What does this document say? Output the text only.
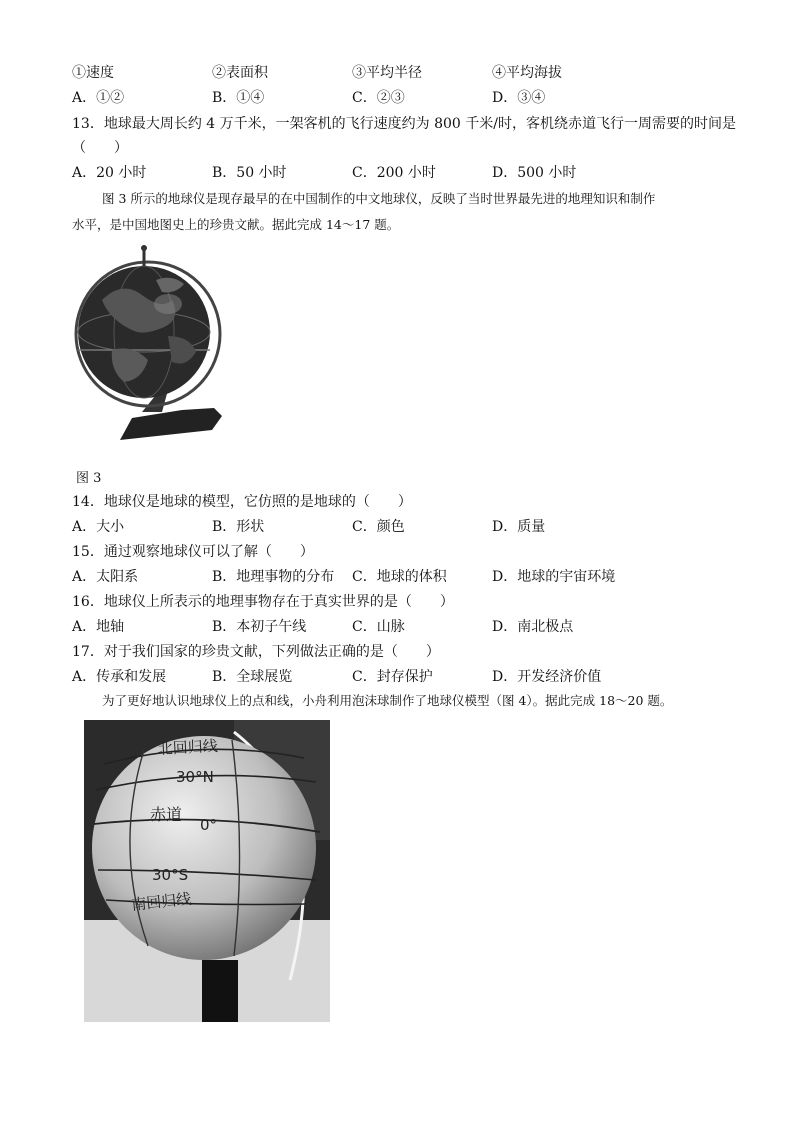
①速度	②表面积	③平均半径	④平均海拔
A．①②	B．①④	C．②③	D．③④
13．地球最大周长约 4 万千米，一架客机的飞行速度约为 800 千米/时，客机绕赤道飞行一周需要的时间是
（　　）
A．20 小时	B．50 小时	C．200 小时	D．500 小时
图 3 所示的地球仪是现存最早的在中国制作的中文地球仪，反映了当时世界最先进的地理知识和制作
水平，是中国地图史上的珍贵文献。据此完成 14～17 题。
图 3
14．地球仪是地球的模型，它仿照的是地球的（　　）
A．大小	B．形状	C．颜色	D．质量
15．通过观察地球仪可以了解（　　）
A．太阳系	B．地理事物的分布 C．地球的体积	D．地球的宇宙环境
16．地球仪上所表示的地理事物存在于真实世界的是（　　）
A．地轴	B．本初子午线	C．山脉	D．南北极点
17．对于我们国家的珍贵文献，下列做法正确的是（　　）
A．传承和发展	B．全球展览	C．封存保护	D．开发经济价值
为了更好地认识地球仪上的点和线，小舟利用泡沫球制作了地球仪模型（图 4）。据此完成 18～20 题。
北回归线
30°N
赤道
0°
30°S
南回归线
